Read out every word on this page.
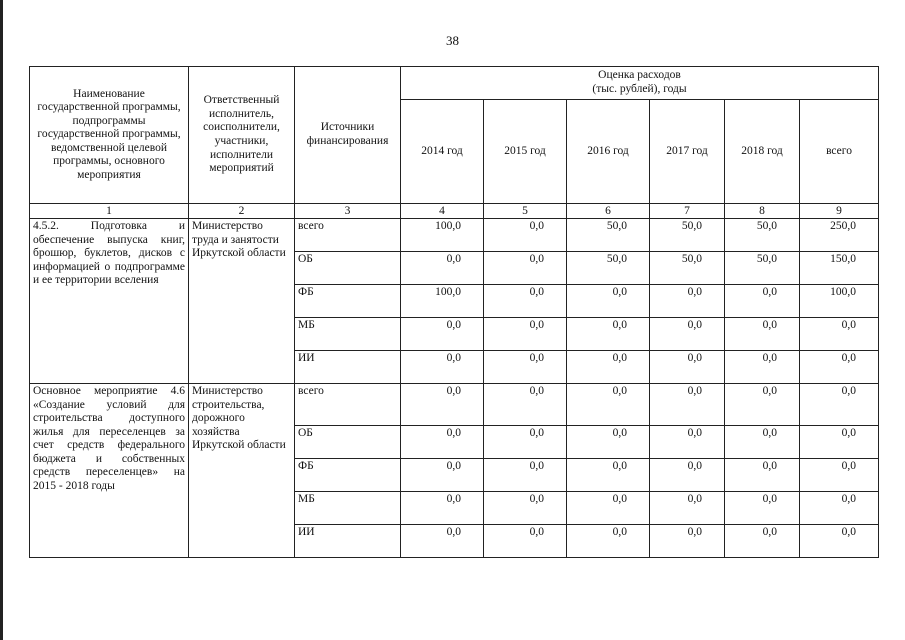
38
Наименование государственной программы, подпрограммы государственной программы, ведомственной целевой программы, основного мероприятия	Ответственный исполнитель, соисполнители, участники, исполнители мероприятий	Источники финансирования	Оценка расходов
(тыс. рублей), годы					

			2014 год	2015 год	2016 год	2017 год	2018 год	всего
1	2	3	4	5	6	7	8	9
4.5.2. Подготовка и обеспечение выпуска книг, брошюр, буклетов, дисков с информацией о подпрограмме и ее территории вселения	Министерство труда и занятости Иркутской области	всего	100,0	0,0	50,0	50,0	50,0	250,0
		ОБ	0,0	0,0	50,0	50,0	50,0	150,0
		ФБ	100,0	0,0	0,0	0,0	0,0	100,0
		МБ	0,0	0,0	0,0	0,0	0,0	0,0
		ИИ	0,0	0,0	0,0	0,0	0,0	0,0
Основное мероприятие 4.6 «Создание условий для строительства доступного жилья для переселенцев за счет средств федерального бюджета и собственных средств переселенцев» на 2015 - 2018 годы	Министерство строительства, дорожного хозяйства Иркутской области	всего	0,0	0,0	0,0	0,0	0,0	0,0
		ОБ	0,0	0,0	0,0	0,0	0,0	0,0
		ФБ	0,0	0,0	0,0	0,0	0,0	0,0
		МБ	0,0	0,0	0,0	0,0	0,0	0,0
		ИИ	0,0	0,0	0,0	0,0	0,0	0,0
